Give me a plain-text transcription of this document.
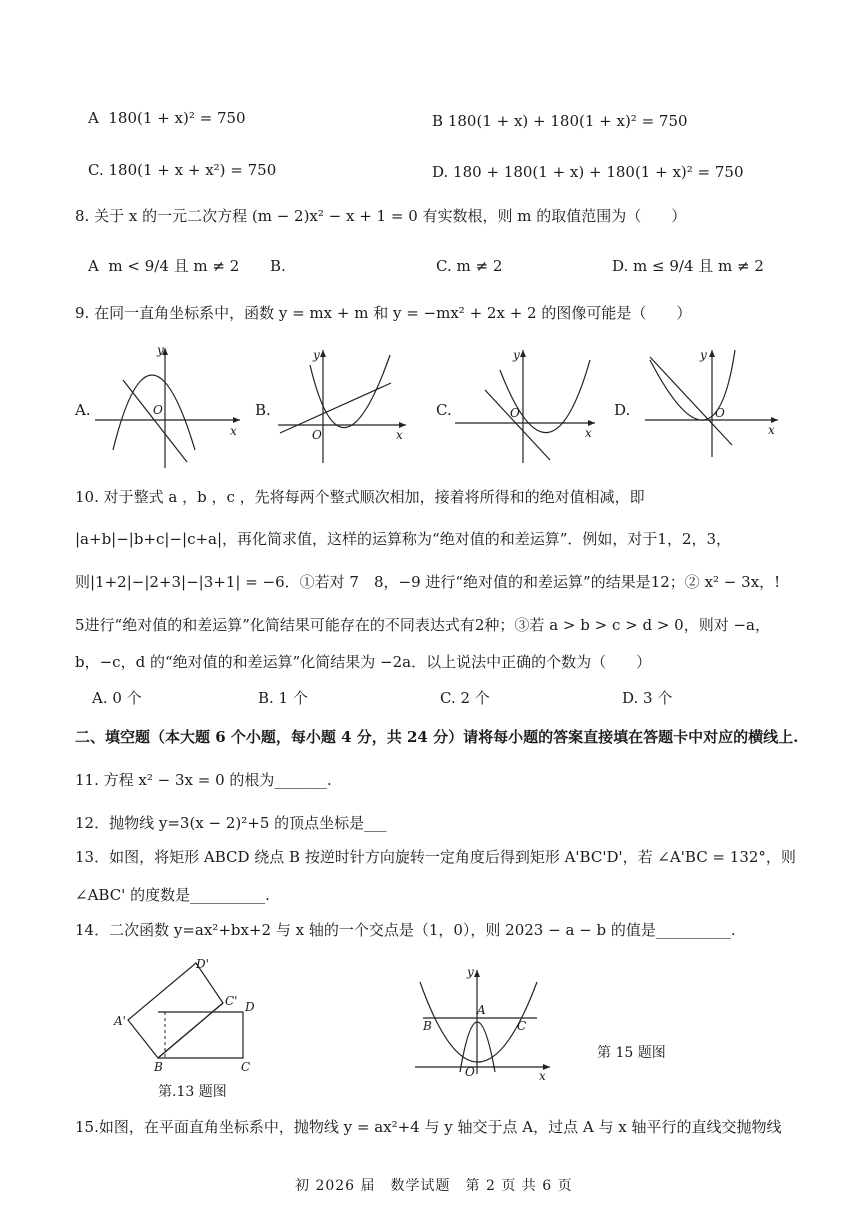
A 180(1 + x)² = 750	B 180(1 + x) + 180(1 + x)² = 750
C. 180(1 + x + x²) = 750	D. 180 + 180(1 + x) + 180(1 + x)² = 750
8. 关于 x 的一元二次方程 (m − 2)x² − x + 1 = 0 有实数根，则 m 的取值范围为（　　）
A m < 9/4 且 m ≠ 2 B.	C. m ≠ 2	D. m ≤ 9/4 且 m ≠ 2
9. 在同一直角坐标系中，函数 y = mx + m 和 y = −mx² + 2x + 2 的图像可能是（　　）
A.
y
x
O	B.
y
x
O
C.
y
x
O	D.
y
x
O
10. 对于整式 a ，b ，c ，先将每两个整式顺次相加，接着将所得和的绝对值相减，即
|a+b|−|b+c|−|c+a|，再化简求值，这样的运算称为“绝对值的和差运算”．例如，对于1，2，3，
则|1+2|−|2+3|−|3+1| = −6．①若对 7　8，−9 进行“绝对值的和差运算”的结果是12；② x² − 3x，!
5进行“绝对值的和差运算”化简结果可能存在的不同表达式有2种；③若 a > b > c > d > 0，则对 −a，
b，−c，d 的“绝对值的和差运算”化简结果为 −2a．以上说法中正确的个数为（　　）
A. 0 个	B. 1 个	C. 2 个	D. 3 个
二、填空题（本大题 6 个小题，每小题 4 分，共 24 分）请将每小题的答案直接填在答题卡中对应的横线上.
11. 方程 x² − 3x = 0 的根为_______.
12．抛物线 y=3(x − 2)²+5 的顶点坐标是___
13．如图，将矩形 ABCD 绕点 B 按逆时针方向旋转一定角度后得到矩形 A'BC'D'，若 ∠A'BC = 132°，则
∠ABC' 的度数是__________.
14．二次函数 y=ax²+bx+2 与 x 轴的一个交点是（1，0），则 2023 − a − b 的值是__________.
D'
C' D
A'
B	C
第.13 题图
y
x
A
B	C
O
第 15 题图
15.如图，在平面直角坐标系中，抛物线 y = ax²+4 与 y 轴交于点 A，过点 A 与 x 轴平行的直线交抛物线
初 2026 届　数学试题　第 2 页 共 6 页
